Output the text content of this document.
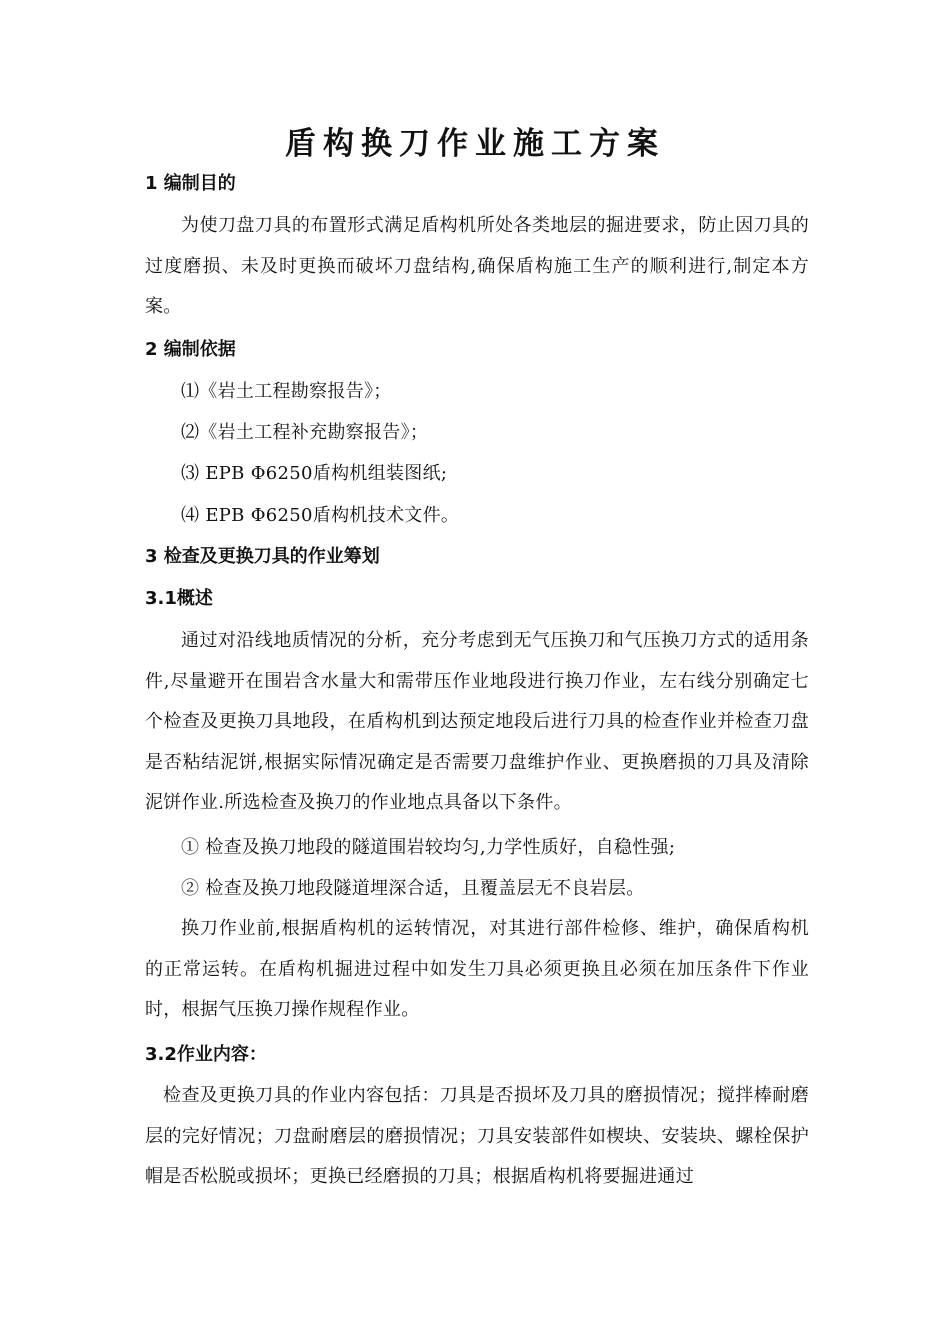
盾构换刀作业施工方案
1 编制目的
为使刀盘刀具的布置形式满足盾构机所处各类地层的掘进要求，防止因刀具的过度磨损、未及时更换而破坏刀盘结构,确保盾构施工生产的顺利进行,制定本方案。
2 编制依据
⑴《岩土工程勘察报告》；
⑵《岩土工程补充勘察报告》；
⑶ EPB Φ6250盾构机组装图纸;
⑷ EPB Φ6250盾构机技术文件。
3 检查及更换刀具的作业筹划
3.1概述
通过对沿线地质情况的分析，充分考虑到无气压换刀和气压换刀方式的适用条件,尽量避开在围岩含水量大和需带压作业地段进行换刀作业，左右线分别确定七个检查及更换刀具地段，在盾构机到达预定地段后进行刀具的检查作业并检查刀盘是否粘结泥饼,根据实际情况确定是否需要刀盘维护作业、更换磨损的刀具及清除泥饼作业.所选检查及换刀的作业地点具备以下条件。
① 检查及换刀地段的隧道围岩较均匀,力学性质好，自稳性强;
② 检查及换刀地段隧道埋深合适，且覆盖层无不良岩层。
换刀作业前,根据盾构机的运转情况，对其进行部件检修、维护，确保盾构机的正常运转。在盾构机掘进过程中如发生刀具必须更换且必须在加压条件下作业时，根据气压换刀操作规程作业。
3.2作业内容：
检查及更换刀具的作业内容包括：刀具是否损坏及刀具的磨损情况；搅拌棒耐磨层的完好情况；刀盘耐磨层的磨损情况；刀具安装部件如楔块、安装块、螺栓保护帽是否松脱或损坏；更换已经磨损的刀具；根据盾构机将要掘进通过
